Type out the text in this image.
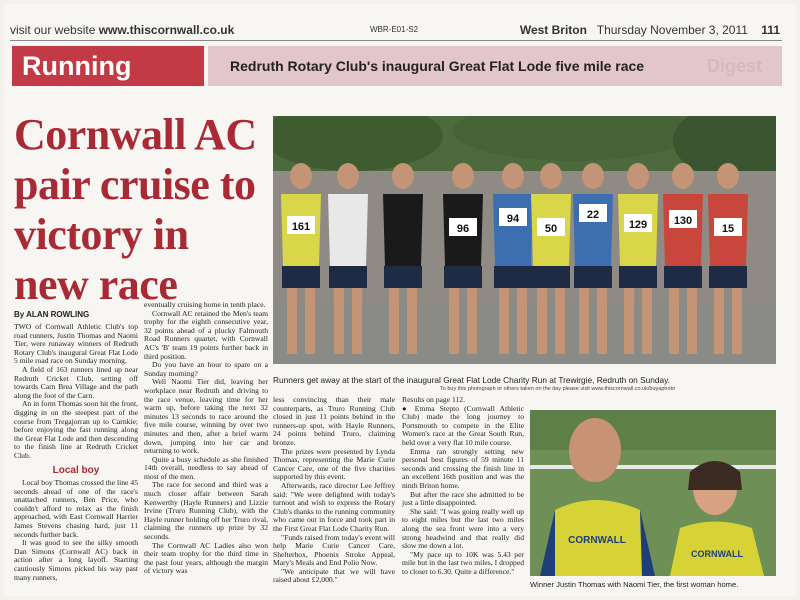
visit our website www.thiscornwall.co.uk	WBR-E01-S2	West Briton Thursday November 3, 2011 111
Running	Redruth Rotary Club's inaugural Great Flat Lode five mile race	Digest
Cornwall AC pair cruise to victory in new race
161	96	50
22
129 130
94
15
Runners get away at the start of the inaugural Great Flat Lode Charity Run at Trewirgie, Redruth on Sunday.
To buy this photograph or others taken on the day please visit www.thiscornwall.co.uk/buyaphoto
By ALAN ROWLING

TWO of Cornwall Athletic Club's top road runners, Justin Thomas and Naomi Tier, were runaway winners of Redruth Rotary Club's inaugural Great Flat Lode 5 mile road race on Sunday morning.

A field of 163 runners lined up near Redruth Cricket Club, setting off towards Carn Brea Village and the path along the foot of the Carn.

An in form Thomas soon hit the front, digging in on the steepest part of the course from Tregajorran up to Carnkie; before enjoying the fast running along the Great Flat Lode and then descending to the finish line at Redruth Cricket Club.

Local boy

Local boy Thomas crossed the line 45 seconds ahead of one of the race's unattached runners, Ben Price, who couldn't afford to relax as the finish approached, with East Cornwall Harrier James Stevens chasing hard, just 11 seconds further back.

It was good to see the silky smooth Dan Simons (Cornwall AC) back in action after a long layoff. Starting cautiously Simons picked his way past many runners,

eventually cruising home in tenth place.

Cornwall AC retained the Men's team trophy for the eighth consecutive year, 32 points ahead of a plucky Falmouth Road Runners quartet, with Cornwall AC's 'B' team 19 points further back in third position.

Do you have an hour to spare on a Sunday morning?

Well Naomi Tier did, leaving her workplace near Redruth and driving to the race venue, leaving time for her warm up, before taking the next 32 minutes 13 seconds to race around the five mile course, winning by over two minutes and then, after a brief warm down, jumping into her car and returning to work.

Quite a busy schedule as she finished 14th overall, needless to say ahead of most of the men.

The race for second and third was a much closer affair between Sarah Kenwerthy (Hayle Runners) and Lizzie Irvine (Truro Running Club), with the Hayle runner holding off her Truro rival, claiming the runners up prize by 32 seconds.

The Cornwall AC Ladies also won their team trophy for the third time in the past four years, although the margin of victory was

less convincing than their male counterparts, as Truro Running Club closed in just 11 points behind in the runners-up spot, with Hayle Runners, 24 points behind Truro, claiming bronze.

The prizes were presented by Lynda Thomas, representing the Marie Curie Cancer Care, one of the five charities supported by this event.

Afterwards, race director Lee Jeffrey said: "We were delighted with today's turnout and wish to express the Rotary Club's thanks to the running community who came out in force and took part in the First Great Flat Lode Charity Run.

"Funds raised from today's event will help Marie Curie Cancer Care, Shelterbox, Phoenix Stroke Appeal, Mary's Meals and End Polio Now.

"We anticipate that we will have raised about £2,000."

Results on page 112.

● Emma Stepto (Cornwall Athletic Club) made the long journey to Portsmouth to compete in the Elite Women's race at the Great South Run, held over a very flat 10 mile course.

Emma ran strongly setting new personal best figures of 59 minute 11 seconds and crossing the finish line in an excellent 16th position and was the ninth Briton home.

But after the race she admitted to be just a little disappointed.

She said: "I was going really well up to eight miles but the last two miles along the sea front were into a very strong headwind and that really did slow me down a lot.

"My pace up to 10K was 5.43 per mile but in the last two miles, I dropped to closer to 6.30. Quite a difference."

CORNWALL
CORNWALL
Winner Justin Thomas with Naomi Tier, the first woman home.
